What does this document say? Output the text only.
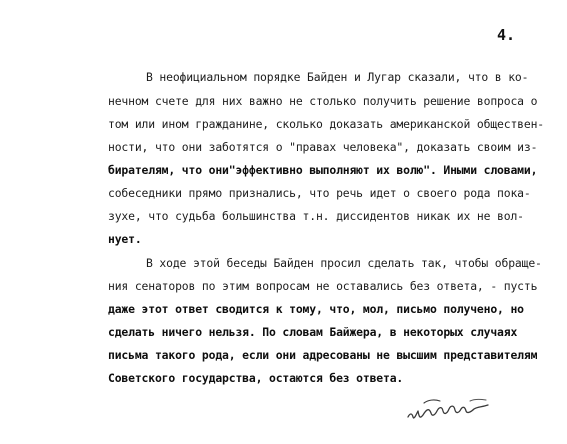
4.
В неофициальном порядке Байден и Лугар сказали, что в ко-
нечном счете для них важно не столько получить решение вопроса о
том или ином гражданине, сколько доказать американской обществен-
ности, что они заботятся о "правах человека", доказать своим из-
бирателям, что они"эффективно выполняют их волю". Иными словами,
собеседники прямо признались, что речь идет о своего рода пока-
зухе, что судьба большинства т.н. диссидентов никак их не вол-
нует.
В ходе этой беседы Байден просил сделать так, чтобы обраще-
ния сенаторов по этим вопросам не оставались без ответа, - пусть
даже этот ответ сводится к тому, что, мол, письмо получено, но
сделать ничего нельзя. По словам Байжера, в некоторых случаях
письма такого рода, если они адресованы не высшим представителям
Советского государства, остаются без ответа.
